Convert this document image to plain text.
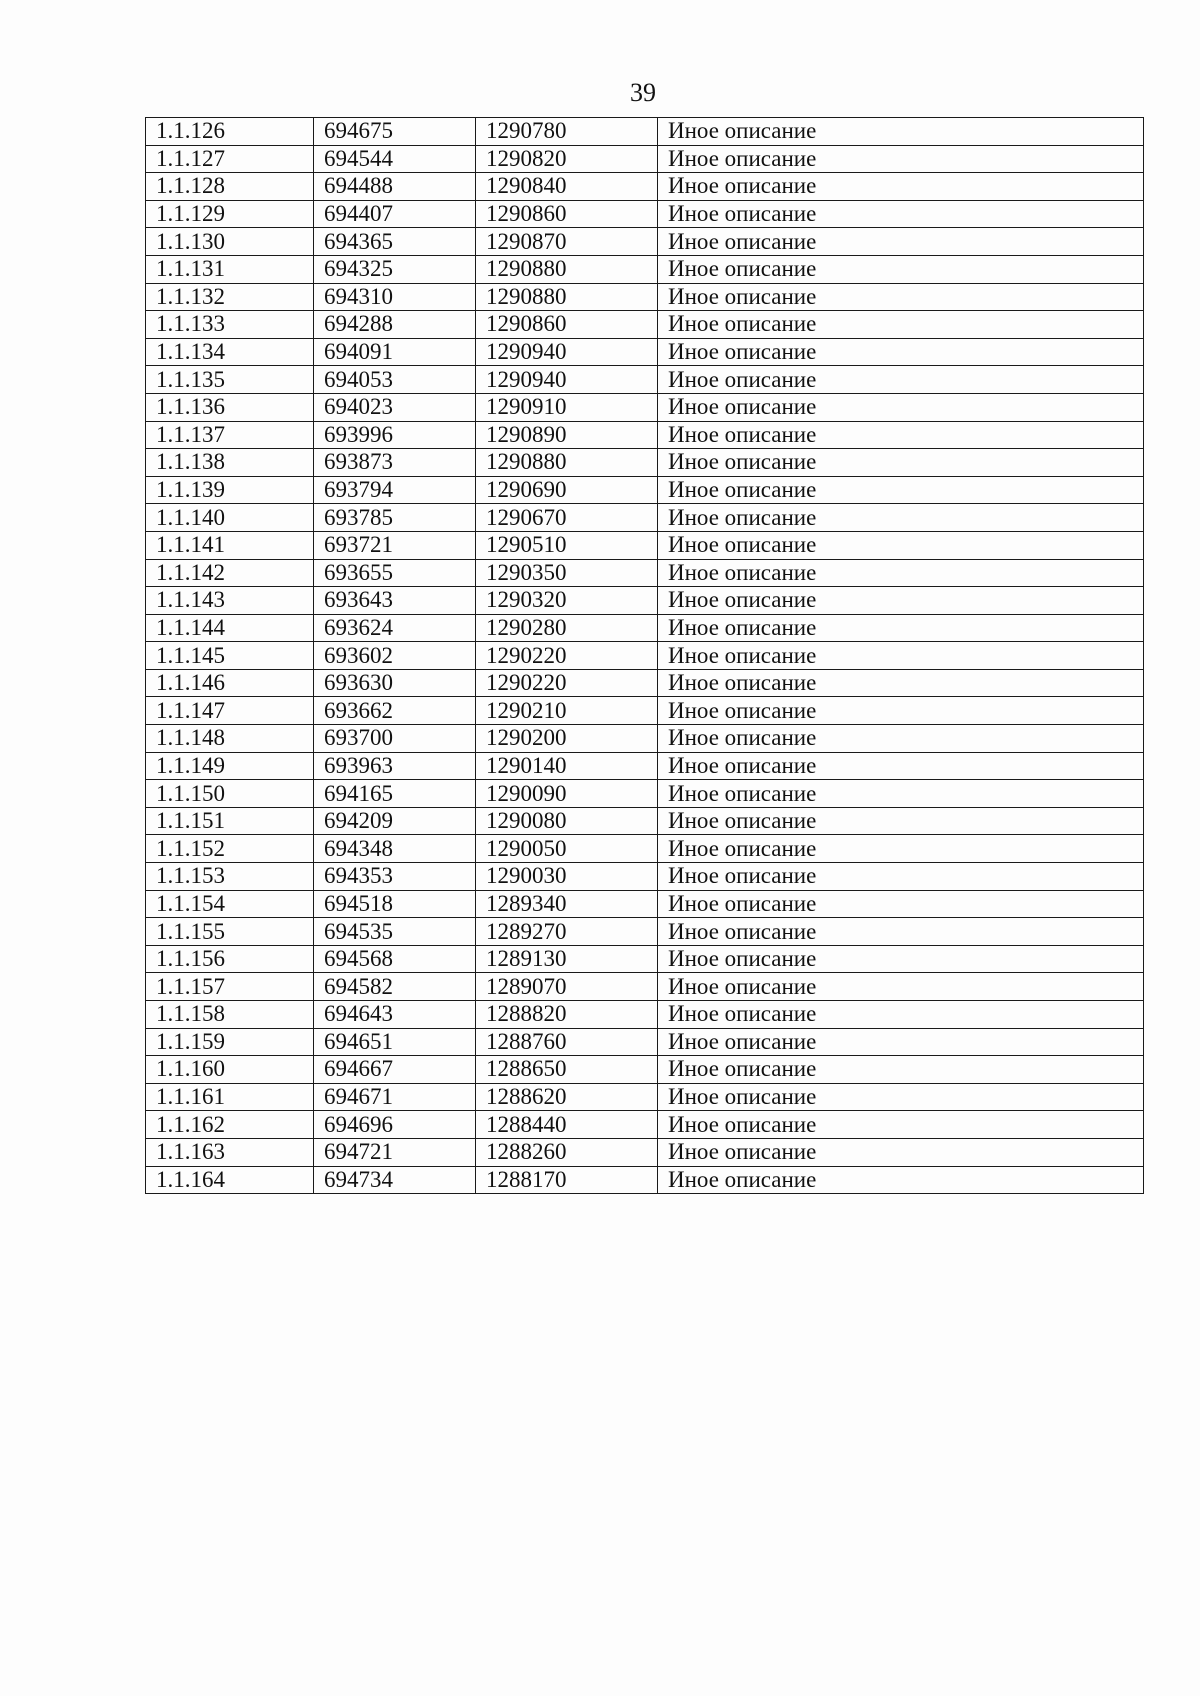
39
1.1.126	694675	1290780	Иное описание
1.1.127	694544	1290820	Иное описание
1.1.128	694488	1290840	Иное описание
1.1.129	694407	1290860	Иное описание
1.1.130	694365	1290870	Иное описание
1.1.131	694325	1290880	Иное описание
1.1.132	694310	1290880	Иное описание
1.1.133	694288	1290860	Иное описание
1.1.134	694091	1290940	Иное описание
1.1.135	694053	1290940	Иное описание
1.1.136	694023	1290910	Иное описание
1.1.137	693996	1290890	Иное описание
1.1.138	693873	1290880	Иное описание
1.1.139	693794	1290690	Иное описание
1.1.140	693785	1290670	Иное описание
1.1.141	693721	1290510	Иное описание
1.1.142	693655	1290350	Иное описание
1.1.143	693643	1290320	Иное описание
1.1.144	693624	1290280	Иное описание
1.1.145	693602	1290220	Иное описание
1.1.146	693630	1290220	Иное описание
1.1.147	693662	1290210	Иное описание
1.1.148	693700	1290200	Иное описание
1.1.149	693963	1290140	Иное описание
1.1.150	694165	1290090	Иное описание
1.1.151	694209	1290080	Иное описание
1.1.152	694348	1290050	Иное описание
1.1.153	694353	1290030	Иное описание
1.1.154	694518	1289340	Иное описание
1.1.155	694535	1289270	Иное описание
1.1.156	694568	1289130	Иное описание
1.1.157	694582	1289070	Иное описание
1.1.158	694643	1288820	Иное описание
1.1.159	694651	1288760	Иное описание
1.1.160	694667	1288650	Иное описание
1.1.161	694671	1288620	Иное описание
1.1.162	694696	1288440	Иное описание
1.1.163	694721	1288260	Иное описание
1.1.164	694734	1288170	Иное описание
